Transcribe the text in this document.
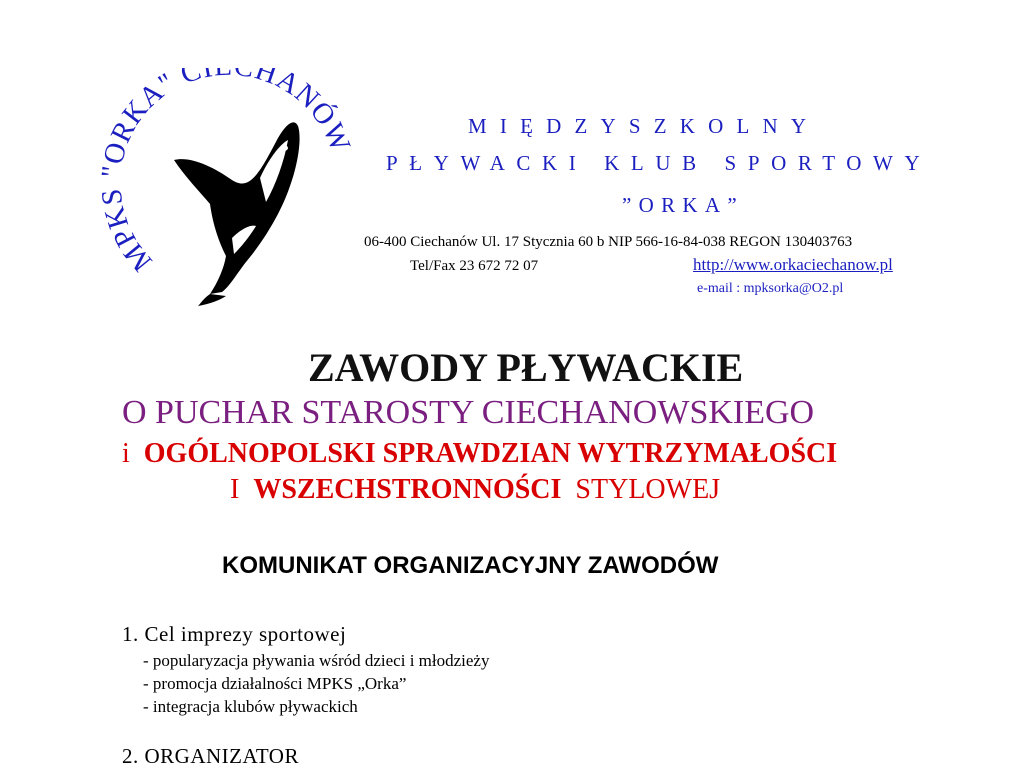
MPK ORKA" C HANÓW	MIĘDZYSZKOLNY
PŁYWACKI KLUB SPORTOWY
”ORKA”
06-400 Ciechanów Ul. 17 Stycznia 60 b NIP 566-16-84-038 REGON 130403763
Tel/Fax 23 672 72 07	http://www.orkaciechanow.pl
e-mail : mpksorka@O2.pl
ZAWODY PŁYWACKIE
O PUCHAR STAROSTY CIECHANOWSKIEGO
i OGÓLNOPOLSKI SPRAWDZIAN WYTRZYMAŁOŚCI
I WSZECHSTRONNOŚCI STYLOWEJ
KOMUNIKAT ORGANIZACYJNY ZAWODÓW
1. Cel imprezy sportowej
- popularyzacja pływania wśród dzieci i młodzieży
- promocja działalności MPKS „Orka”
- integracja klubów pływackich
2. ORGANIZATOR
